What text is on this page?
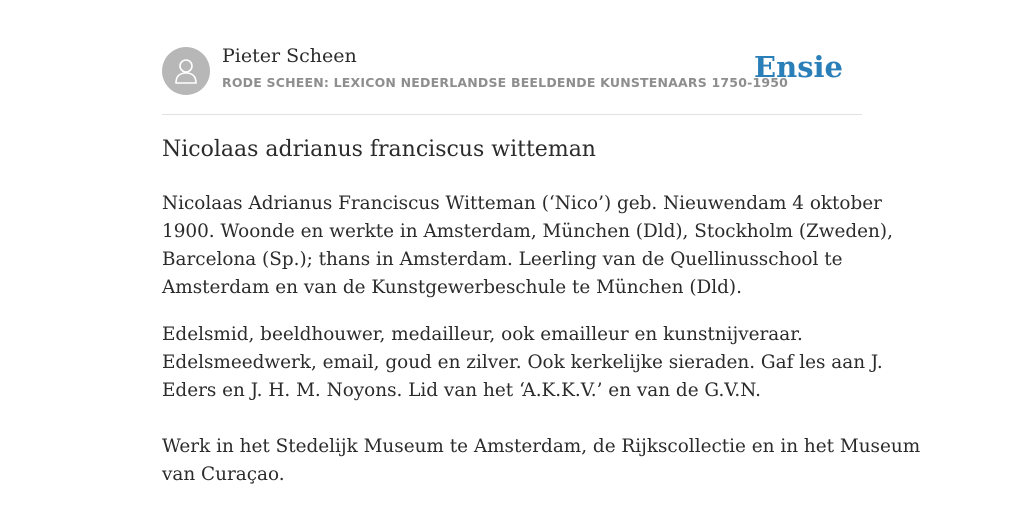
Pieter Scheen
RODE SCHEEN: LEXICON NEDERLANDSE BEELDENDE KUNSTENAARS 1750-1950
Ensie
Nicolaas adrianus franciscus witteman

Nicolaas Adrianus Franciscus Witteman (‘Nico’) geb. Nieuwendam 4 oktober
1900. Woonde en werkte in Amsterdam, München (Dld), Stockholm (Zweden),
Barcelona (Sp.); thans in Amsterdam. Leerling van de Quellinusschool te
Amsterdam en van de Kunstgewerbeschule te München (Dld).

Edelsmid, beeldhouwer, medailleur, ook emailleur en kunstnijveraar.
Edelsmeedwerk, email, goud en zilver. Ook kerkelijke sieraden. Gaf les aan J.
Eders en J. H. M. Noyons. Lid van het ‘A.K.K.V.’ en van de G.V.N.

Werk in het Stedelijk Museum te Amsterdam, de Rijkscollectie en in het Museum
van Curaçao.
